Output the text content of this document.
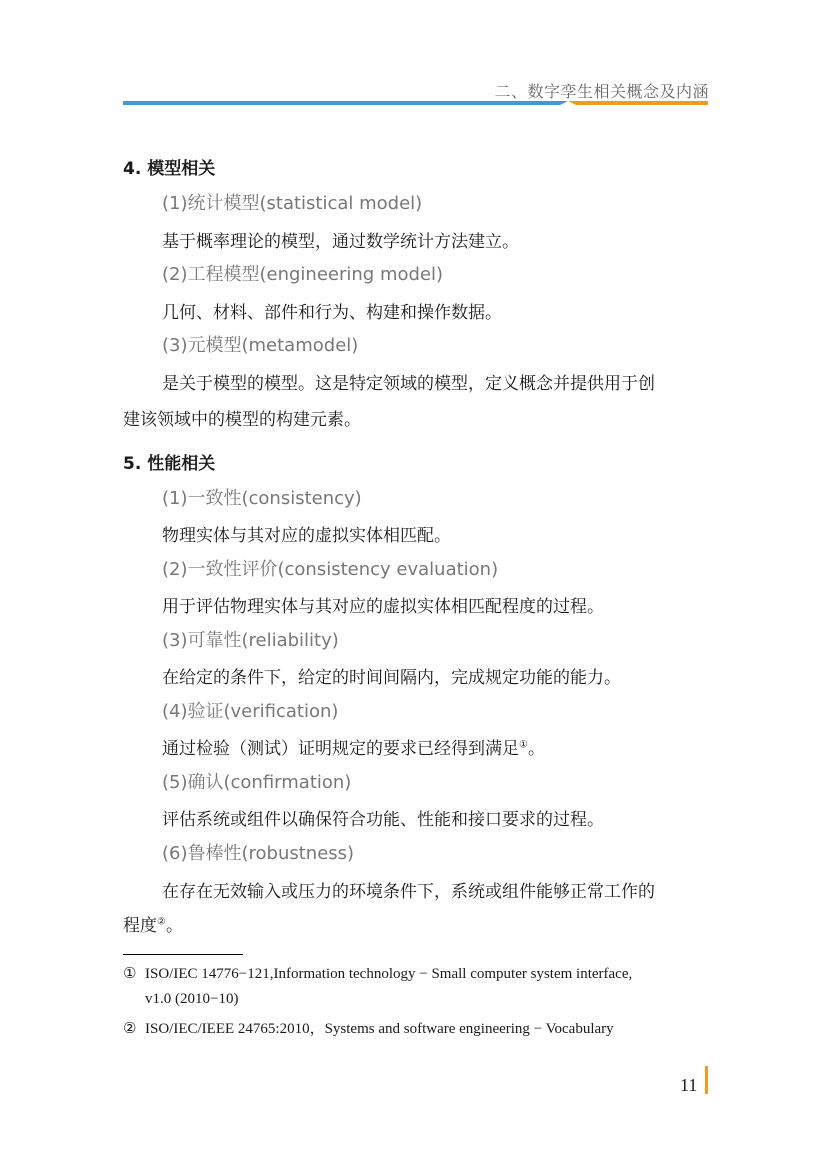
二、数字孪生相关概念及内涵
4. 模型相关
(1)统计模型(statistical model)
基于概率理论的模型，通过数学统计方法建立。
(2)工程模型(engineering model)
几何、材料、部件和行为、构建和操作数据。
(3)元模型(metamodel)
是关于模型的模型。这是特定领域的模型，定义概念并提供用于创
建该领域中的模型的构建元素。
5. 性能相关
(1)一致性(consistency)
物理实体与其对应的虚拟实体相匹配。
(2)一致性评价(consistency evaluation)
用于评估物理实体与其对应的虚拟实体相匹配程度的过程。
(3)可靠性(reliability)
在给定的条件下，给定的时间间隔内，完成规定功能的能力。
(4)验证(verification)
通过检验（测试）证明规定的要求已经得到满足①。
(5)确认(confirmation)
评估系统或组件以确保符合功能、性能和接口要求的过程。
(6)鲁棒性(robustness)
在存在无效输入或压力的环境条件下，系统或组件能够正常工作的
程度②。
① ISO/IEC 14776−121,Information technology − Small computer system interface,
v1.0 (2010−10)
② ISO/IEC/IEEE 24765:2010，Systems and software engineering − Vocabulary
11
